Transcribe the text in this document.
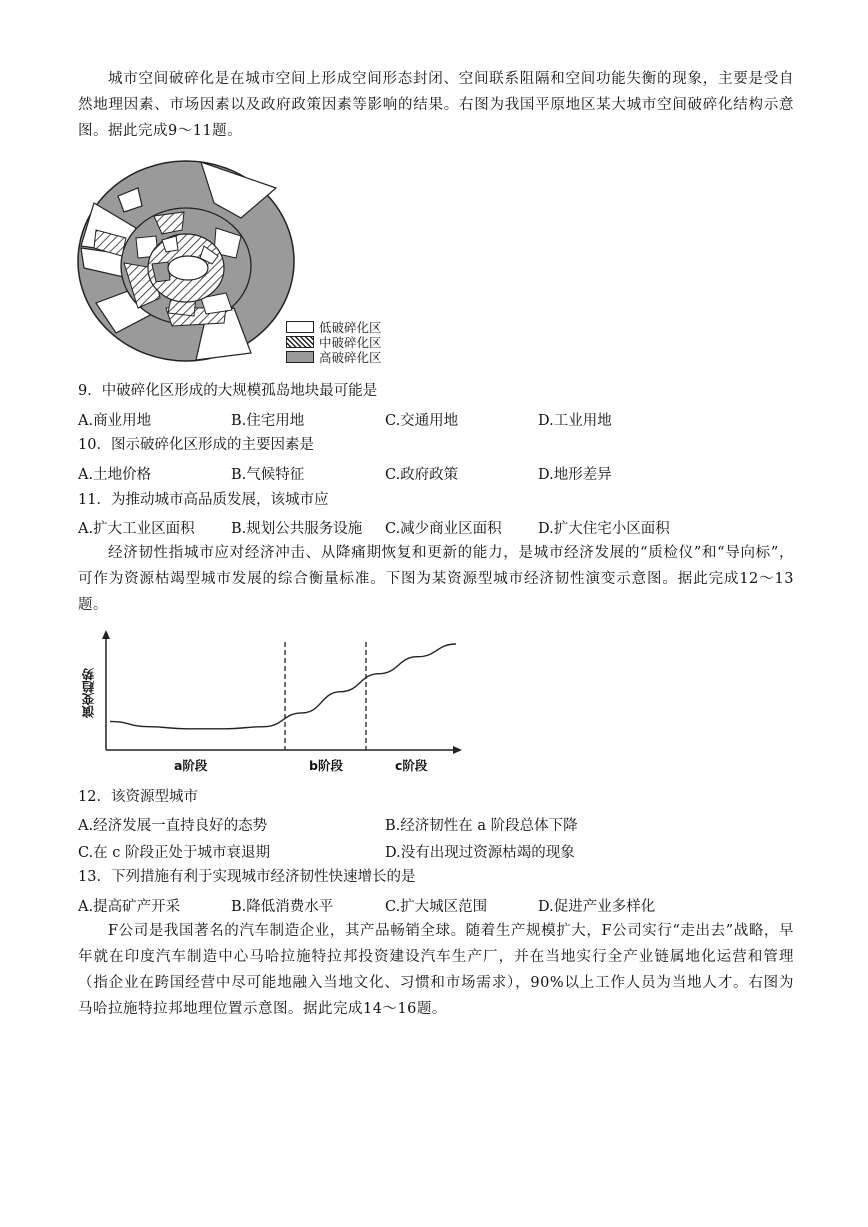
城市空间破碎化是在城市空间上形成空间形态封闭、空间联系阻隔和空间功能失衡的现象，主要是受自然地理因素、市场因素以及政府政策因素等影响的结果。右图为我国平原地区某大城市空间破碎化结构示意图。据此完成9～11题。
低破碎化区
中破碎化区
高破碎化区
9．中破碎化区形成的大规模孤岛地块最可能是
A.商业用地	B.住宅用地	C.交通用地	D.工业用地
10．图示破碎化区形成的主要因素是
A.土地价格	B.气候特征	C.政府政策	D.地形差异
11．为推动城市高品质发展，该城市应
A.扩大工业区面积	B.规划公共服务设施 C.减少商业区面积	D.扩大住宅小区面积
经济韧性指城市应对经济冲击、从降痛期恢复和更新的能力，是城市经济发展的“质检仪”和“导向标”，可作为资源枯竭型城市发展的综合衡量标准。下图为某资源型城市经济韧性演变示意图。据此完成12～13题。
演变趋势
a阶段	b阶段	c阶段
12．该资源型城市
A.经济发展一直持良好的态势	B.经济韧性在 a 阶段总体下降
C.在 c 阶段正处于城市衰退期	D.没有出现过资源枯竭的现象
13．下列措施有利于实现城市经济韧性快速增长的是
A.提高矿产开采	B.降低消费水平	C.扩大城区范围	D.促进产业多样化
F公司是我国著名的汽车制造企业，其产品畅销全球。随着生产规模扩大，F公司实行“走出去”战略，早年就在印度汽车制造中心马哈拉施特拉邦投资建设汽车生产厂，并在当地实行全产业链属地化运营和管理（指企业在跨国经营中尽可能地融入当地文化、习惯和市场需求），90%以上工作人员为当地人才。右图为马哈拉施特拉邦地理位置示意图。据此完成14～16题。
